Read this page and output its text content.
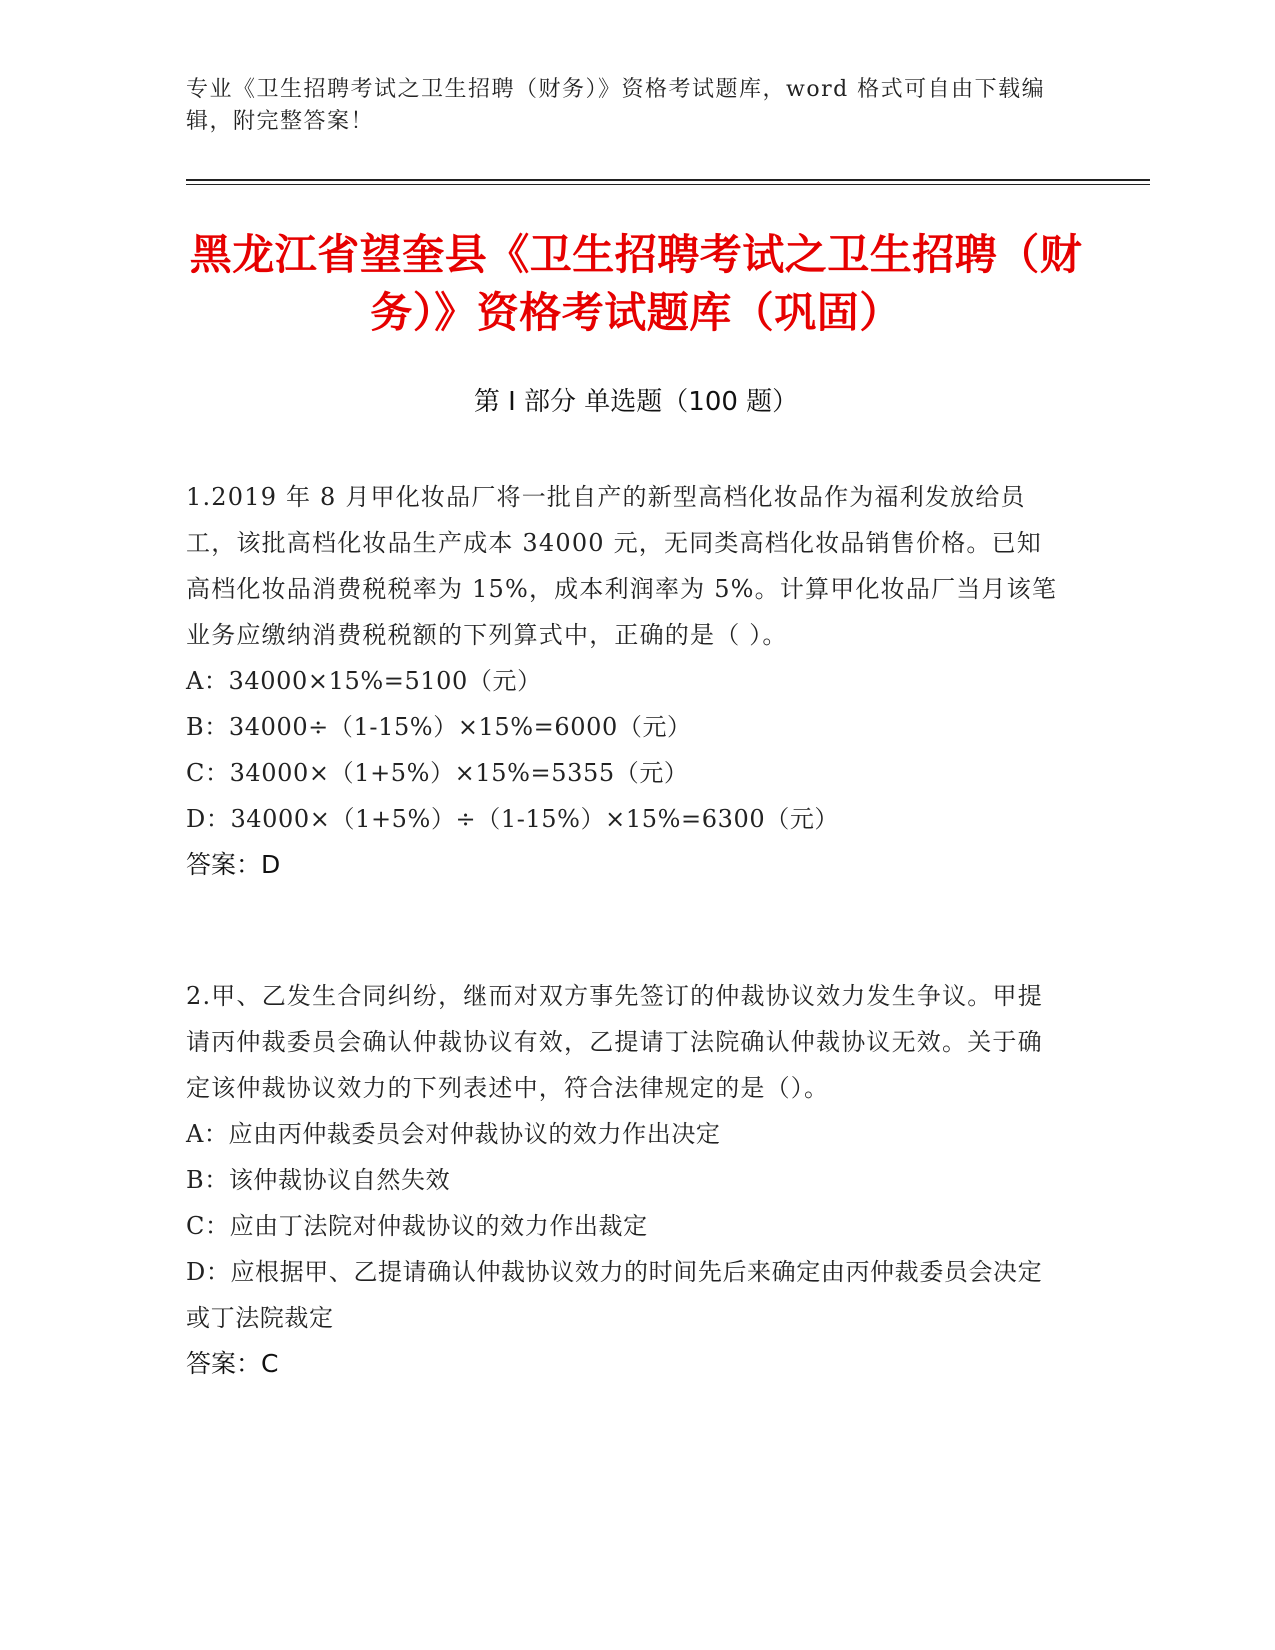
专业《卫生招聘考试之卫生招聘（财务）》资格考试题库，word 格式可自由下载编辑，附完整答案！
黑龙江省望奎县《卫生招聘考试之卫生招聘（财务）》资格考试题库（巩固）
第 I 部分 单选题（100 题）
1.2019 年 8 月甲化妆品厂将一批自产的新型高档化妆品作为福利发放给员工，该批高档化妆品生产成本 34000 元，无同类高档化妆品销售价格。已知高档化妆品消费税税率为 15%，成本利润率为 5%。计算甲化妆品厂当月该笔业务应缴纳消费税税额的下列算式中，正确的是（ ）。
A：34000×15%=5100（元）
B：34000÷（1-15%）×15%=6000（元）
C：34000×（1+5%）×15%=5355（元）
D：34000×（1+5%）÷（1-15%）×15%=6300（元）
答案：D
2.甲、乙发生合同纠纷，继而对双方事先签订的仲裁协议效力发生争议。甲提请丙仲裁委员会确认仲裁协议有效，乙提请丁法院确认仲裁协议无效。关于确定该仲裁协议效力的下列表述中，符合法律规定的是（）。
A：应由丙仲裁委员会对仲裁协议的效力作出决定
B：该仲裁协议自然失效
C：应由丁法院对仲裁协议的效力作出裁定
D：应根据甲、乙提请确认仲裁协议效力的时间先后来确定由丙仲裁委员会决定或丁法院裁定
答案：C
